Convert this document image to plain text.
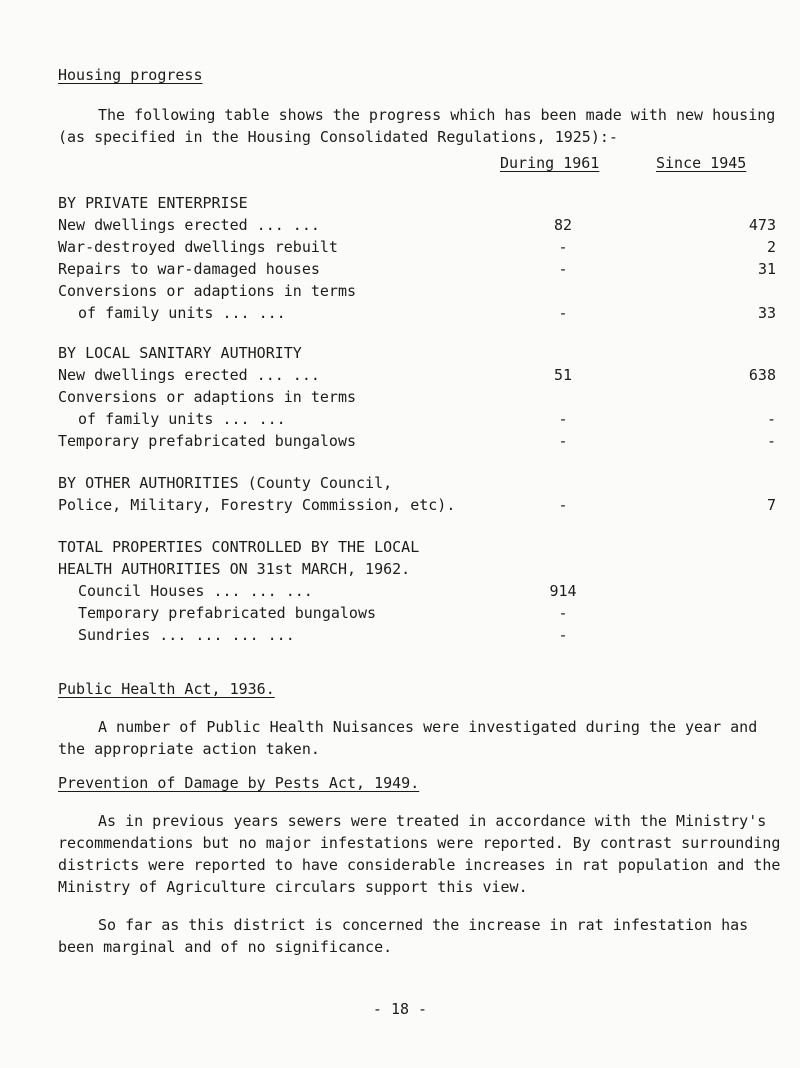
Housing progress
The following table shows the progress which has been made with new housing (as specified in the Housing Consolidated Regulations, 1925):-
During 1961	Since 1945
BY PRIVATE ENTERPRISE
New dwellings erected ... ...	82	473
War-destroyed dwellings rebuilt	-	2
Repairs to war-damaged houses	-	31
Conversions or adaptions in terms
of family units ... ...	-	33
BY LOCAL SANITARY AUTHORITY
New dwellings erected ... ...	51	638
Conversions or adaptions in terms
of family units ... ...	-	-
Temporary prefabricated bungalows	-	-
BY OTHER AUTHORITIES (County Council,
Police, Military, Forestry Commission, etc).	-	7
TOTAL PROPERTIES CONTROLLED BY THE LOCAL
HEALTH AUTHORITIES ON 31st MARCH, 1962.
Council Houses ... ... ...	914
Temporary prefabricated bungalows	-
Sundries ... ... ... ...	-
Public Health Act, 1936.
A number of Public Health Nuisances were investigated during the year and the appropriate action taken.
Prevention of Damage by Pests Act, 1949.
As in previous years sewers were treated in accordance with the Ministry's recommendations but no major infestations were reported. By contrast surrounding districts were reported to have considerable increases in rat population and the Ministry of Agriculture circulars support this view.
So far as this district is concerned the increase in rat infestation has been marginal and of no significance.
- 18 -
